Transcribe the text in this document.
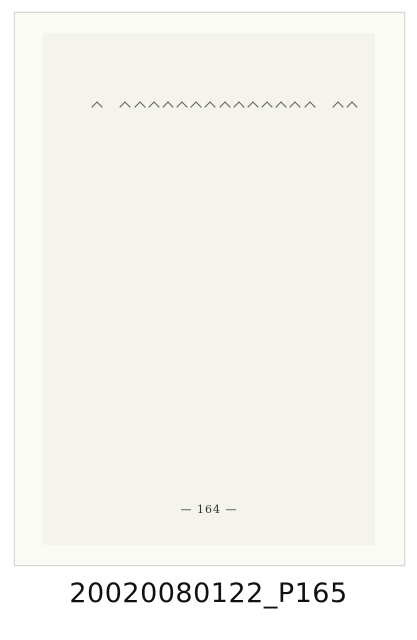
— 164 —
20020080122_P165
